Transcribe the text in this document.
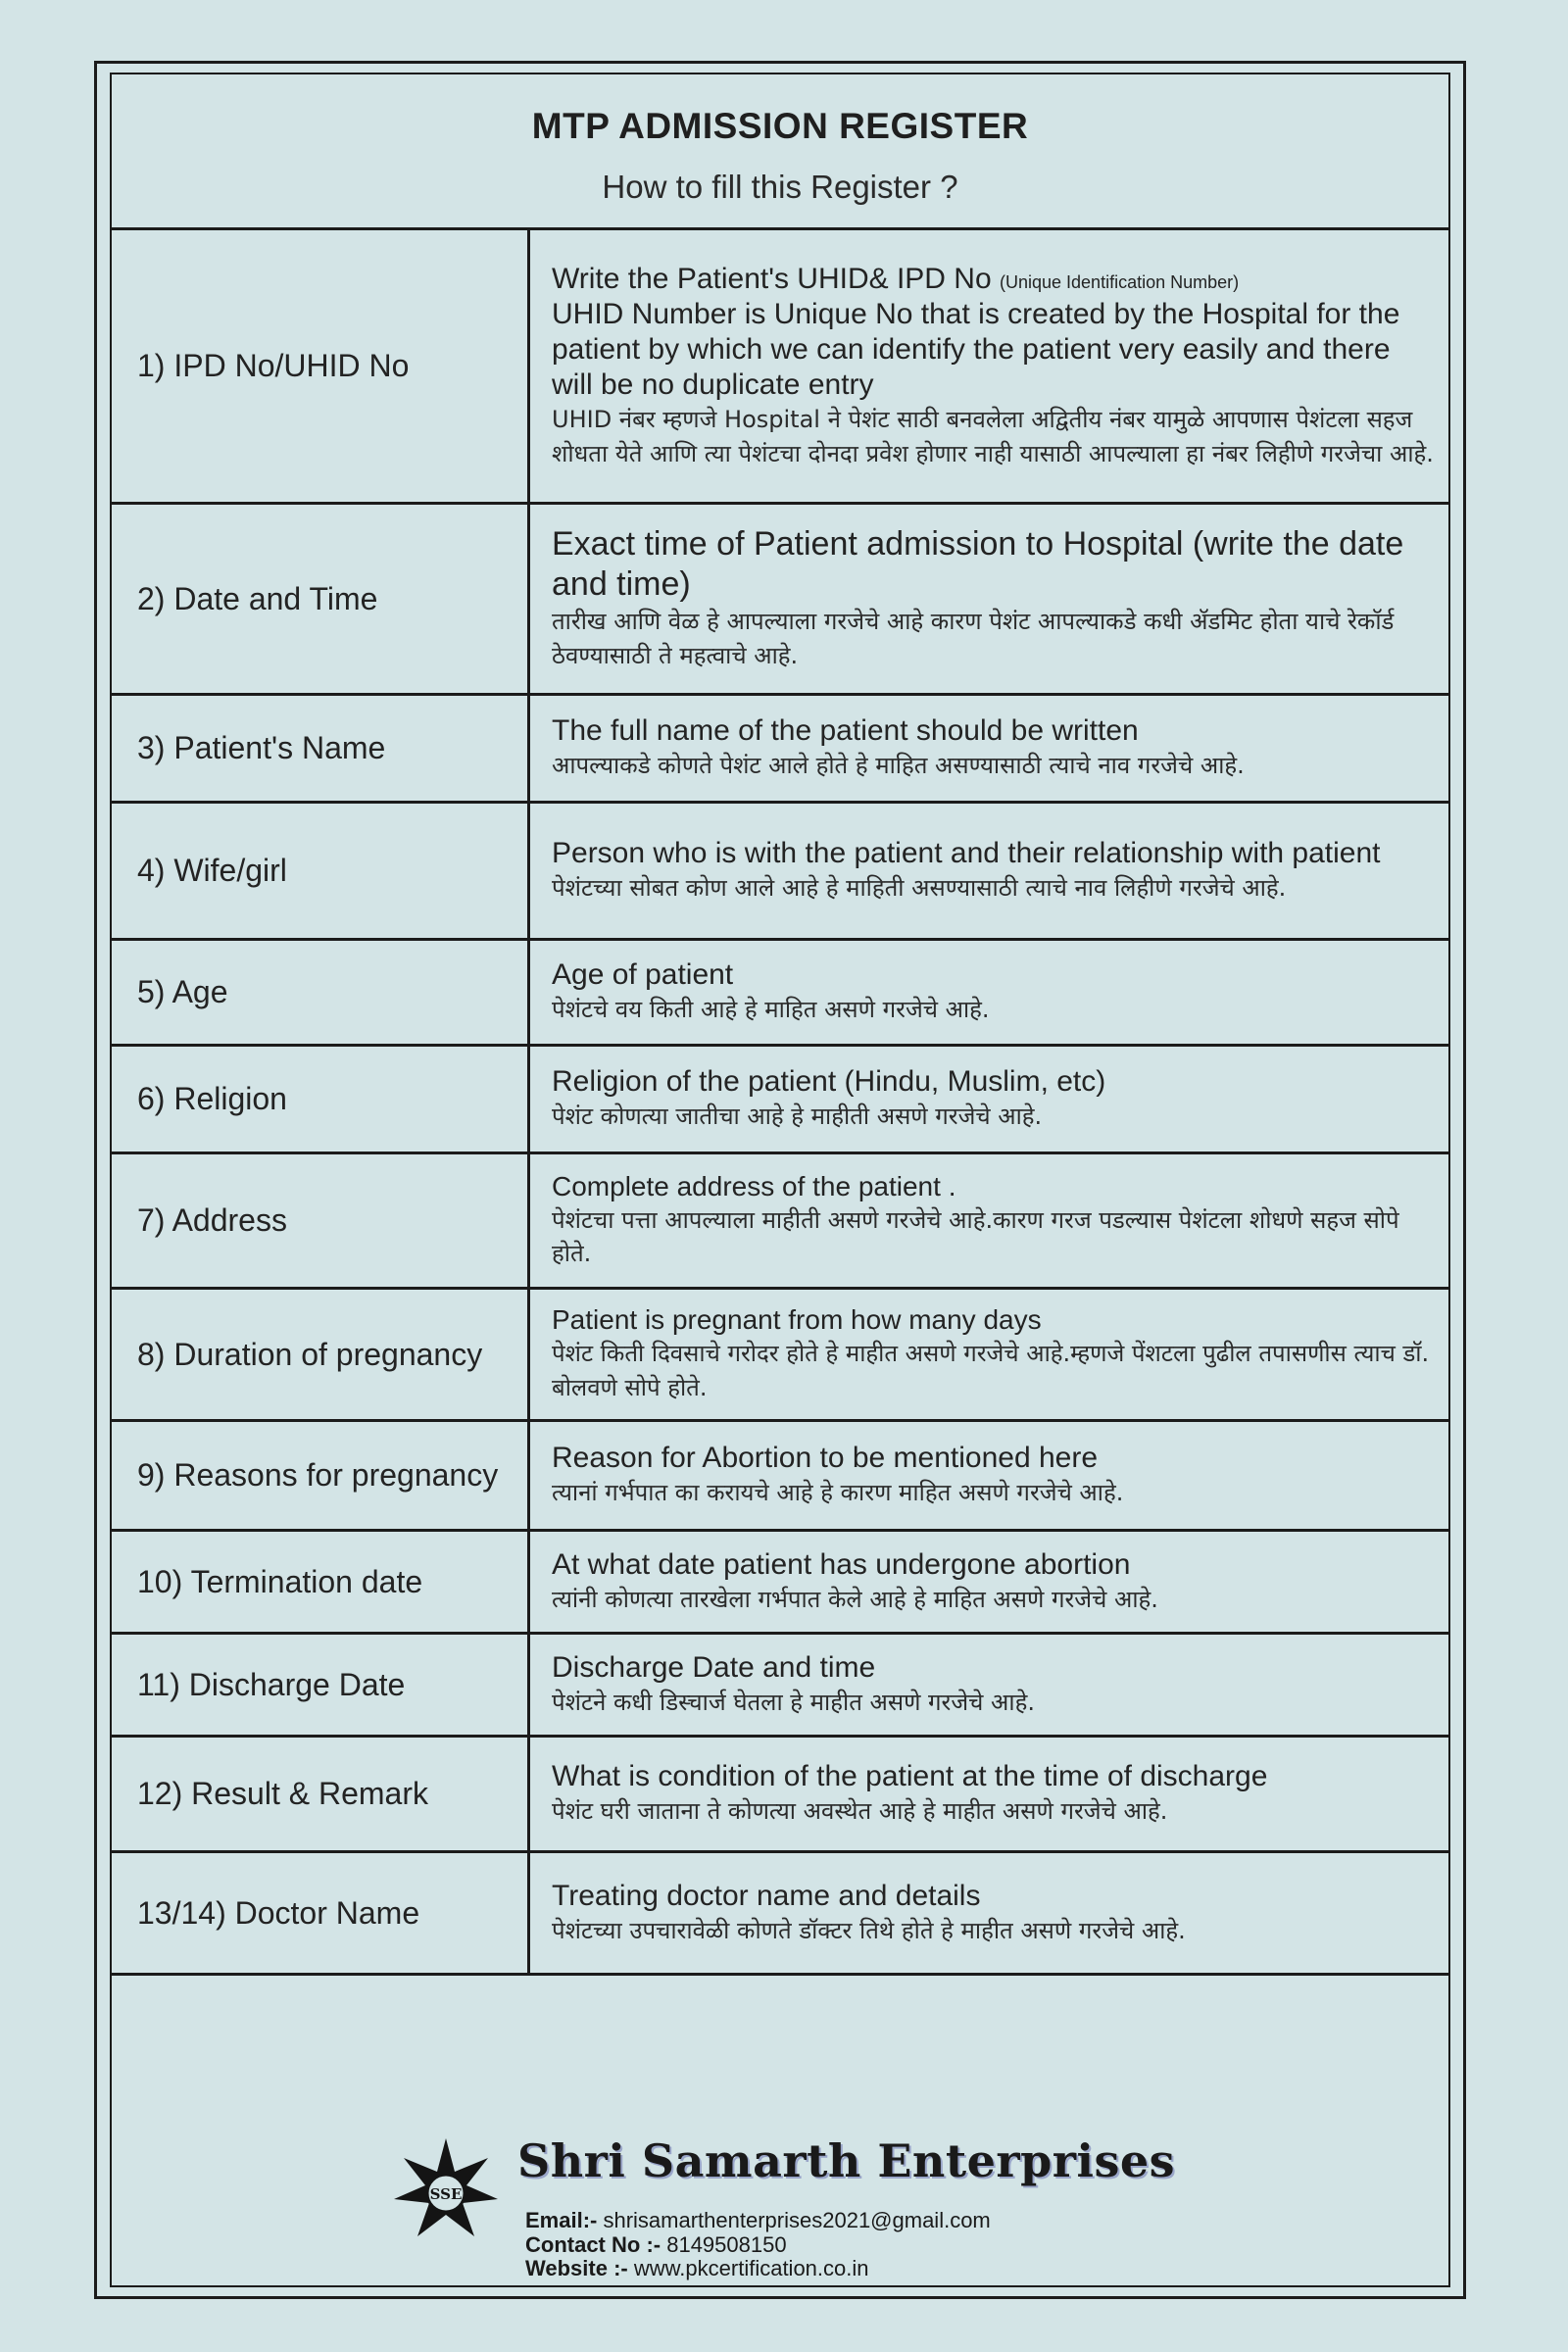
MTP ADMISSION REGISTER
How to fill this Register ?
1) IPD No/UHID No	Write the Patient's UHID& IPD No (Unique Identification Number)
UHID Number is Unique No that is created by the Hospital for the patient by which we can identify the patient very easily and there will be no duplicate entry
UHID नंबर म्हणजे Hospital ने पेशंट साठी बनवलेला अद्वितीय नंबर यामुळे आपणास पेशंटला सहज शोधता येते आणि त्या पेशंटचा दोनदा प्रवेश होणार नाही यासाठी आपल्याला हा नंबर लिहीणे गरजेचा आहे.

2) Date and Time	Exact time of Patient admission to Hospital (write the date and time)
तारीख आणि वेळ हे आपल्याला गरजेचे आहे कारण पेशंट आपल्याकडे कधी ॲडमिट होता याचे रेकॉर्ड ठेवण्यासाठी ते महत्वाचे आहे.

3) Patient's Name	The full name of the patient should be written
आपल्याकडे कोणते पेशंट आले होते हे माहित असण्यासाठी त्याचे नाव गरजेचे आहे.

4) Wife/girl	Person who is with the patient and their relationship with patient
पेशंटच्या सोबत कोण आले आहे हे माहिती असण्यासाठी त्याचे नाव लिहीणे गरजेचे आहे.

5) Age	Age of patient
पेशंटचे वय किती आहे हे माहित असणे गरजेचे आहे.

6) Religion	Religion of the patient (Hindu, Muslim, etc)
पेशंट कोणत्या जातीचा आहे हे माहीती असणे गरजेचे आहे.

7) Address	Complete address of the patient .
पेशंटचा पत्ता आपल्याला माहीती असणे गरजेचे आहे.कारण गरज पडल्यास पेशंटला शोधणे सहज सोपे होते.

8) Duration of pregnancy	Patient is pregnant from how many days
पेशंट किती दिवसाचे गरोदर होते हे माहीत असणे गरजेचे आहे.म्हणजे पेंशटला पुढील तपासणीस त्याच डॉ. बोलवणे सोपे होते.

9) Reasons for pregnancy	Reason for Abortion to be mentioned here
त्यानां गर्भपात का करायचे आहे हे कारण माहित असणे गरजेचे आहे.

10) Termination date	At what date patient has undergone abortion
त्यांनी कोणत्या तारखेला गर्भपात केले आहे हे माहित असणे गरजेचे आहे.

11) Discharge Date	Discharge Date and time
पेशंटने कधी डिस्चार्ज घेतला हे माहीत असणे गरजेचे आहे.

12) Result & Remark	What is condition of the patient at the time of discharge
पेशंट घरी जाताना ते कोणत्या अवस्थेत आहे हे माहीत असणे गरजेचे आहे.

13/14) Doctor Name	Treating doctor name and details
पेशंटच्या उपचारावेळी कोणते डॉक्टर तिथे होते हे माहीत असणे गरजेचे आहे.
SSE
Shri Samarth Enterprises
Email:- shrisamarthenterprises2021@gmail.com
Contact No :- 8149508150
Website :- www.pkcertification.co.in
